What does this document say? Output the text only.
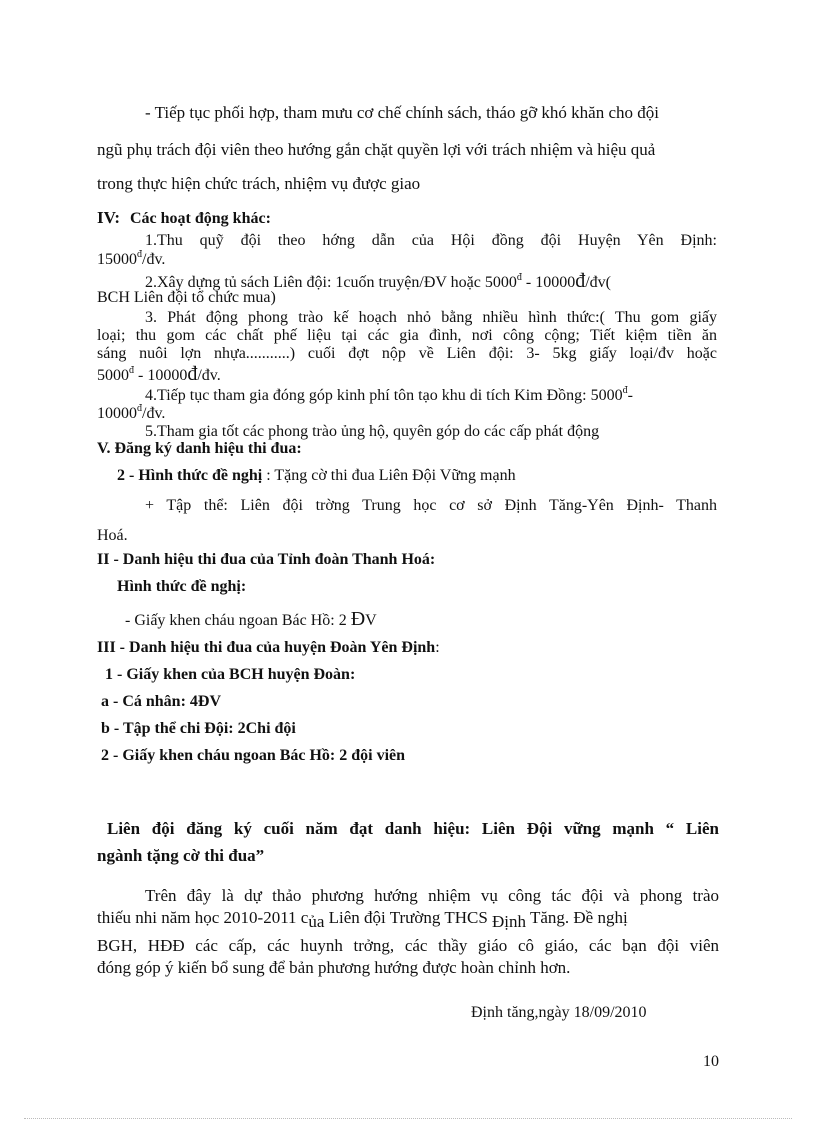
- Tiếp tục phối hợp, tham mưu cơ chế chính sách, tháo gỡ khó khăn cho đội
ngũ phụ trách đội viên theo hướng gắn chặt quyền lợi với trách nhiệm và hiệu quả
trong thực hiện chức trách, nhiệm vụ được giao
IV: Các hoạt động khác:
1.Thu quỹ đội theo hớng dẫn của Hội đồng đội Huyện Yên Định:
$15000^đ/đv$.
2.Xây dựng tủ sách Liên đội: 1cuốn truyện/ĐV hoặc $5000^đ$ - 10000đ/đv(
BCH Liên đội tổ chức mua)
3. Phát động phong trào kế hoạch nhỏ bằng nhiều hình thức:( Thu gom giấy
loại; thu gom các chất phế liệu tại các gia đình, nơi công cộng; Tiết kiệm tiền ăn
sáng nuôi lợn nhựa...........) cuối đợt nộp về Liên đội: 3- 5kg giấy loại/đv hoặc
$5000^đ$ - 10000đ/đv.
4.Tiếp tục tham gia đóng góp kinh phí tôn tạo khu di tích Kim Đồng: $5000^đ-$
$10000^đ/đv$.
5.Tham gia tốt các phong trào ủng hộ, quyên góp do các cấp phát động
V. Đăng ký danh hiệu thi đua:
2 - Hình thức đề nghị : Tặng cờ thi đua Liên Đội Vững mạnh
+ Tập thể: Liên đội trờng Trung học cơ sở Định Tăng-Yên Định- Thanh
Hoá.
II - Danh hiệu thi đua của Tỉnh đoàn Thanh Hoá:
Hình thức đề nghị:
- Giấy khen cháu ngoan Bác Hồ: 2 ĐV
III - Danh hiệu thi đua của huyện Đoàn Yên Định:
1 - Giấy khen của BCH huyện Đoàn:
a - Cá nhân: 4ĐV
b - Tập thể chi Đội: 2Chi đội
2 - Giấy khen cháu ngoan Bác Hồ: 2 đội viên
Liên đội đăng ký cuối năm đạt danh hiệu: Liên Đội vững mạnh “ Liên
ngành tặng cờ thi đua”
Trên đây là dự thảo phương hướng nhiệm vụ công tác đội và phong trào
thiếu nhi năm học 2010-2011 của Liên đội Trường THCS Định Tăng. Đề nghị
BGH, HĐĐ các cấp, các huynh trởng, các thầy giáo cô giáo, các bạn đội viên
đóng góp ý kiến bổ sung để bản phương hướng được hoàn chỉnh hơn.
Định tăng,ngày 18/09/2010
10
